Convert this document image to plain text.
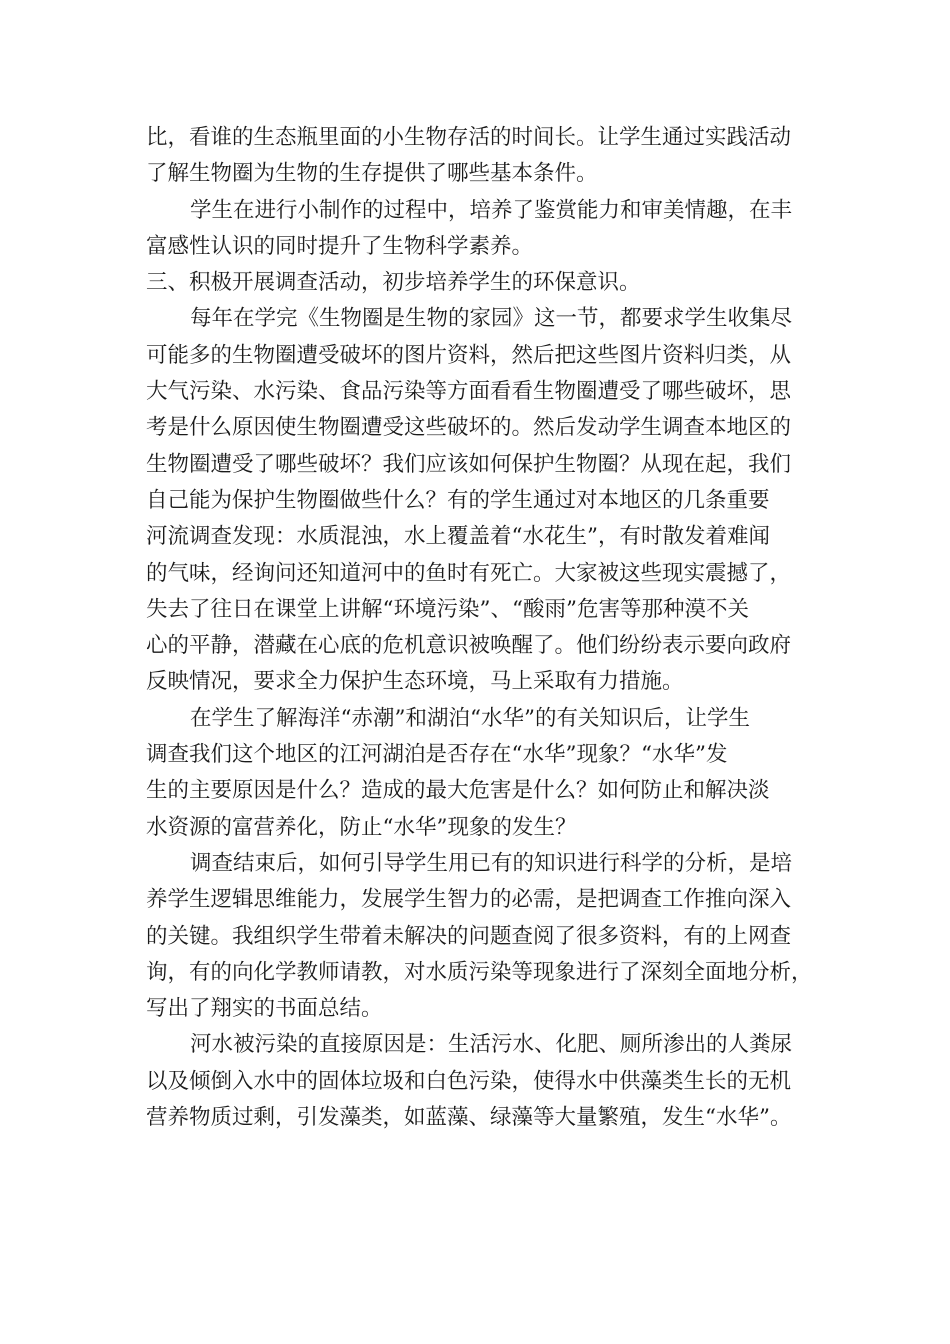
比，看谁的生态瓶里面的小生物存活的时间长。让学生通过实践活动
了解生物圈为生物的生存提供了哪些基本条件。
学生在进行小制作的过程中，培养了鉴赏能力和审美情趣，在丰
富感性认识的同时提升了生物科学素养。
三、积极开展调查活动，初步培养学生的环保意识。
每年在学完《生物圈是生物的家园》这一节，都要求学生收集尽
可能多的生物圈遭受破坏的图片资料，然后把这些图片资料归类，从
大气污染、水污染、食品污染等方面看看生物圈遭受了哪些破坏，思
考是什么原因使生物圈遭受这些破坏的。然后发动学生调查本地区的
生物圈遭受了哪些破坏？我们应该如何保护生物圈？从现在起，我们
自己能为保护生物圈做些什么？有的学生通过对本地区的几条重要
河流调查发现：水质混浊，水上覆盖着“水花生”，有时散发着难闻
的气味，经询问还知道河中的鱼时有死亡。大家被这些现实震撼了，
失去了往日在课堂上讲解“环境污染”、“酸雨”危害等那种漠不关
心的平静，潜藏在心底的危机意识被唤醒了。他们纷纷表示要向政府
反映情况，要求全力保护生态环境，马上采取有力措施。
在学生了解海洋“赤潮”和湖泊“水华”的有关知识后，让学生
调查我们这个地区的江河湖泊是否存在“水华”现象？“水华”发
生的主要原因是什么？造成的最大危害是什么？如何防止和解决淡
水资源的富营养化，防止“水华”现象的发生？
调查结束后，如何引导学生用已有的知识进行科学的分析，是培
养学生逻辑思维能力，发展学生智力的必需，是把调查工作推向深入
的关键。我组织学生带着未解决的问题查阅了很多资料，有的上网查
询，有的向化学教师请教，对水质污染等现象进行了深刻全面地分析，
写出了翔实的书面总结。
河水被污染的直接原因是：生活污水、化肥、厕所渗出的人粪尿
以及倾倒入水中的固体垃圾和白色污染，使得水中供藻类生长的无机
营养物质过剩，引发藻类，如蓝藻、绿藻等大量繁殖，发生“水华”。
